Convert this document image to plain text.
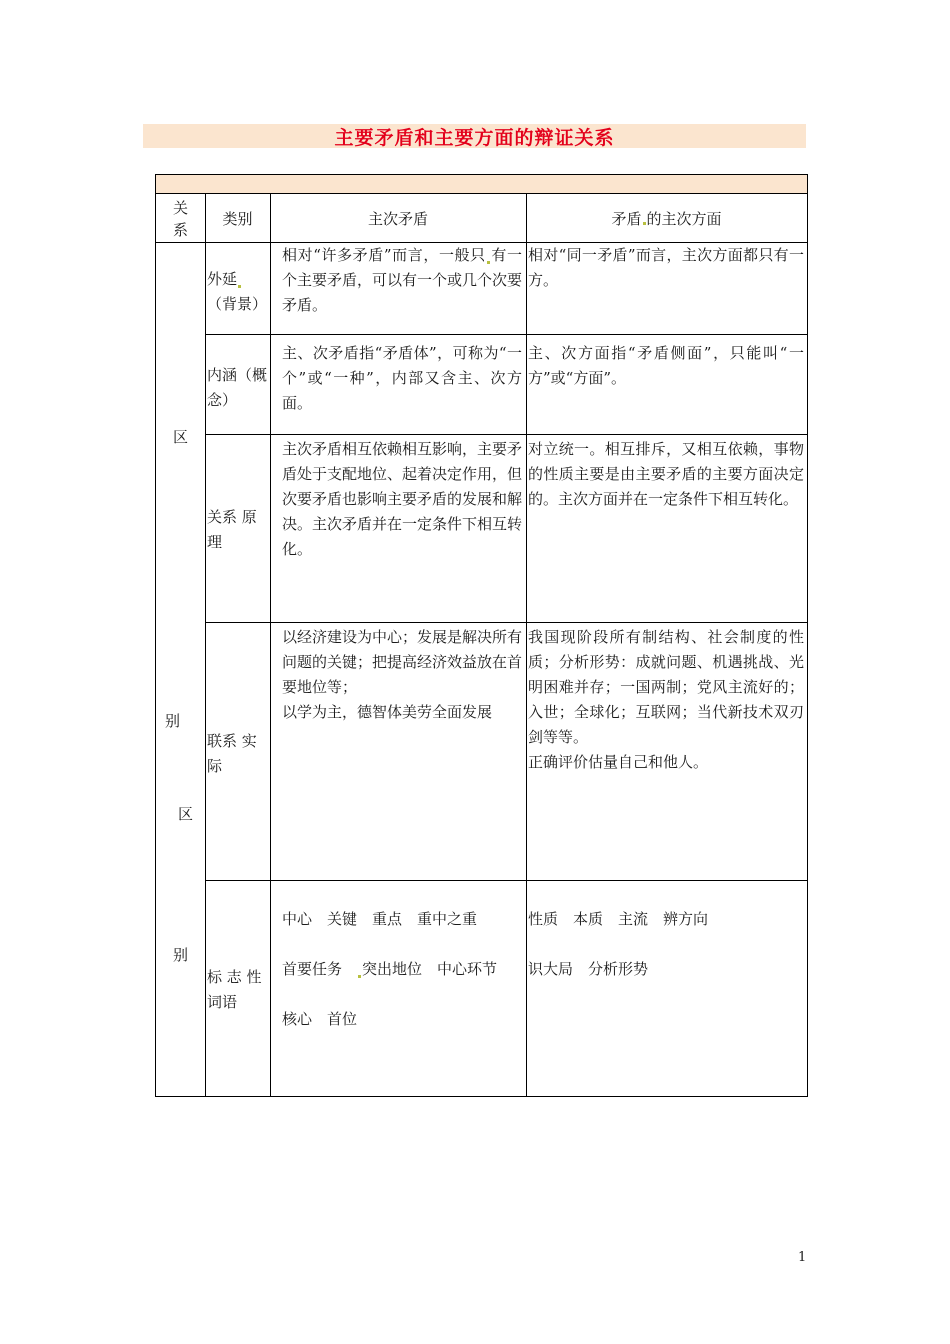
主要矛盾和主要方面的辩证关系
关
系
类别	主次矛盾	矛盾 的主次方面
区
别
区
别
外延（背景）
相对“许多矛盾”而言，一般只 有一个主要矛盾，可以有一个或几个次要矛盾。
相对“同一矛盾”而言，主次方面都只有一方。
内涵（概念）
主、次矛盾指“矛盾体”，可称为“一个”或“一种”，内部又含主、次方面。
主、次方面指“矛盾侧面”，只能叫“一方”或“方面”。
关系 原理
主次矛盾相互依赖相互影响，主要矛盾处于支配地位、起着决定作用，但次要矛盾也影响主要矛盾的发展和解决。主次矛盾并在一定条件下相互转化。
对立统一。相互排斥，又相互依赖，事物的性质主要是由主要矛盾的主要方面决定的。主次方面并在一定条件下相互转化。
联系 实际
以经济建设为中心；发展是解决所有问题的关键；把提高经济效益放在首要地位等；
以学为主，德智体美劳全面发展
我国现阶段所有制结构、社会制度的性质；分析形势：成就问题、机遇挑战、光明困难并存；一国两制；党风主流好的；入世；全球化；互联网；当代新技术双刃剑等等。
正确评价估量自己和他人。
标 志 性 词语
中心　关键　重点　重中之重
首要任务　 突出地位　中心环节
核心　首位
性质　本质　主流　辨方向
识大局　分析形势
1
